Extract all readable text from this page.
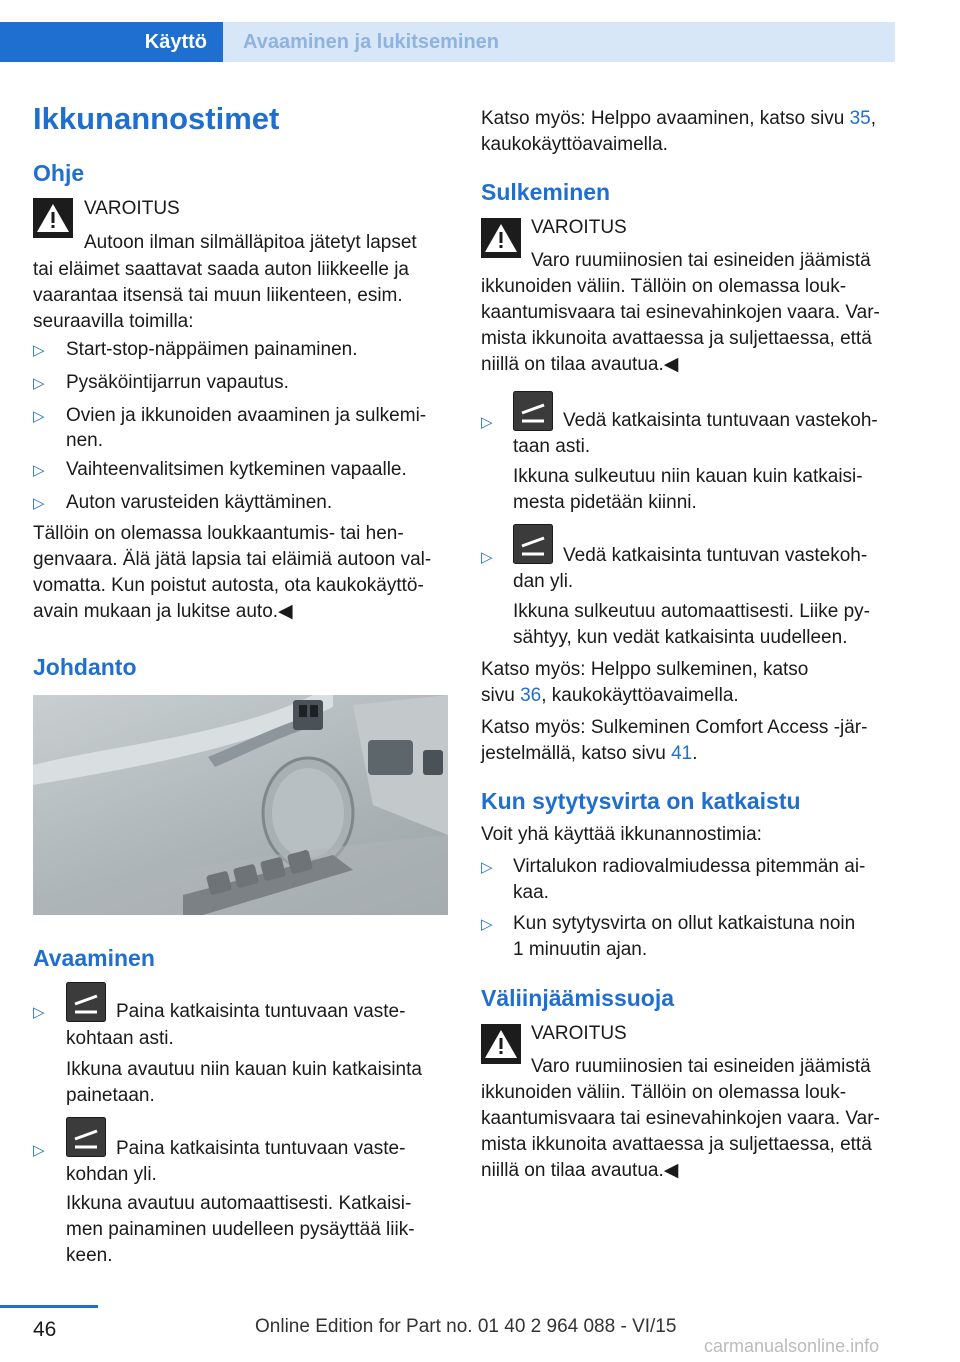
Käyttö	Avaaminen ja lukitseminen
Ikkunannostimet
Ohje

VAROITUS

Autoon ilman silmälläpitoa jätetyt lapset

tai eläimet saattavat saada auton liikkeelle ja

vaarantaa itsensä tai muun liikenteen, esim.

seuraavilla toimilla:

▷ Start-stop-näppäimen painaminen.

▷ Pysäköintijarrun vapautus.

▷ Ovien ja ikkunoiden avaaminen ja sulkemi-

nen.

▷ Vaihteenvalitsimen kytkeminen vapaalle.

▷ Auton varusteiden käyttäminen.

Tällöin on olemassa loukkaantumis- tai hen-

genvaara. Älä jätä lapsia tai eläimiä autoon val-

vomatta. Kun poistut autosta, ota kaukokäyttö-

avain mukaan ja lukitse auto.◀

Johdanto
Avaaminen
▷	Paina katkaisinta tuntuvaan vaste-

kohtaan asti.

Ikkuna avautuu niin kauan kuin katkaisinta

painetaan.

▷	Paina katkaisinta tuntuvaan vaste-

kohdan yli.

Ikkuna avautuu automaattisesti. Katkaisi-

men painaminen uudelleen pysäyttää liik-

keen.

Katso myös: Helppo avaaminen, katso sivu 35,

kaukokäyttöavaimella.

Sulkeminen

VAROITUS

Varo ruumiinosien tai esineiden jäämistä

ikkunoiden väliin. Tällöin on olemassa louk-

kaantumisvaara tai esinevahinkojen vaara. Var-

mista ikkunoita avattaessa ja suljettaessa, että

niillä on tilaa avautua.◀

▷	Vedä katkaisinta tuntuvaan vastekoh-

taan asti.

Ikkuna sulkeutuu niin kauan kuin katkaisi-

mesta pidetään kiinni.

▷	Vedä katkaisinta tuntuvan vastekoh-

dan yli.

Ikkuna sulkeutuu automaattisesti. Liike py-

sähtyy, kun vedät katkaisinta uudelleen.

Katso myös: Helppo sulkeminen, katso

sivu 36, kaukokäyttöavaimella.

Katso myös: Sulkeminen Comfort Access -jär-

jestelmällä, katso sivu 41.

Kun sytytysvirta on katkaistu

Voit yhä käyttää ikkunannostimia:

▷ Virtalukon radiovalmiudessa pitemmän ai-

kaa.

▷ Kun sytytysvirta on ollut katkaistuna noin

1 minuutin ajan.

Väliinjäämissuoja

VAROITUS

Varo ruumiinosien tai esineiden jäämistä

ikkunoiden väliin. Tällöin on olemassa louk-

kaantumisvaara tai esinevahinkojen vaara. Var-

mista ikkunoita avattaessa ja suljettaessa, että

niillä on tilaa avautua.◀

46	Online Edition for Part no. 01 40 2 964 088 - VI/15
carmanualsonline.info
